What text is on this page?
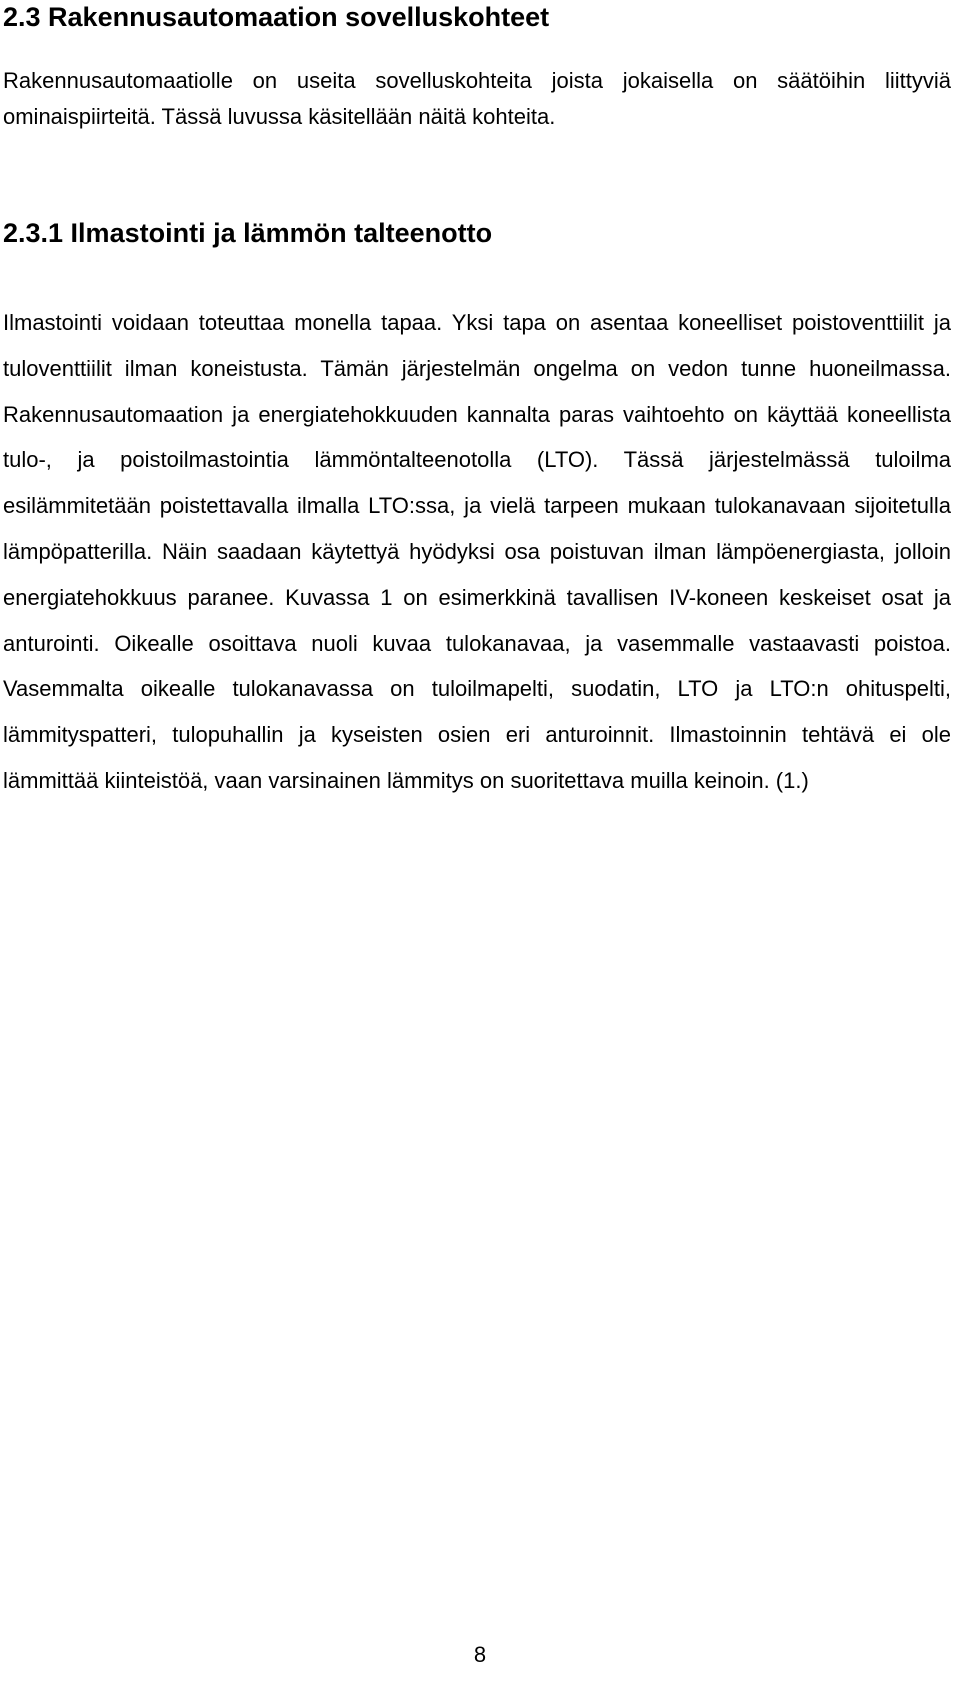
2.3 Rakennusautomaation sovelluskohteet

Rakennusautomaatiolle on useita sovelluskohteita joista jokaisella on säätöihin liittyviä ominaispiirteitä. Tässä luvussa käsitellään näitä kohteita.

2.3.1 Ilmastointi ja lämmön talteenotto

Ilmastointi voidaan toteuttaa monella tapaa. Yksi tapa on asentaa koneelliset poistoventtiilit ja tuloventtiilit ilman koneistusta. Tämän järjestelmän ongelma on vedon tunne huoneilmassa. Rakennusautomaation ja energiatehokkuuden kannalta paras vaihtoehto on käyttää koneellista tulo-, ja poistoilmastointia lämmöntalteenotolla (LTO). Tässä järjestelmässä tuloilma esilämmitetään poistettavalla ilmalla LTO:ssa, ja vielä tarpeen mukaan tulokanavaan sijoitetulla lämpöpatterilla. Näin saadaan käytettyä hyödyksi osa poistuvan ilman lämpöenergiasta, jolloin energiatehokkuus paranee. Kuvassa 1 on esimerkkinä tavallisen IV-koneen keskeiset osat ja anturointi. Oikealle osoittava nuoli kuvaa tulokanavaa, ja vasemmalle vastaavasti poistoa. Vasemmalta oikealle tulokanavassa on tuloilmapelti, suodatin, LTO ja LTO:n ohituspelti, lämmityspatteri, tulopuhallin ja kyseisten osien eri anturoinnit. Ilmastoinnin tehtävä ei ole lämmittää kiinteistöä, vaan varsinainen lämmitys on suoritettava muilla keinoin. (1.)

8
